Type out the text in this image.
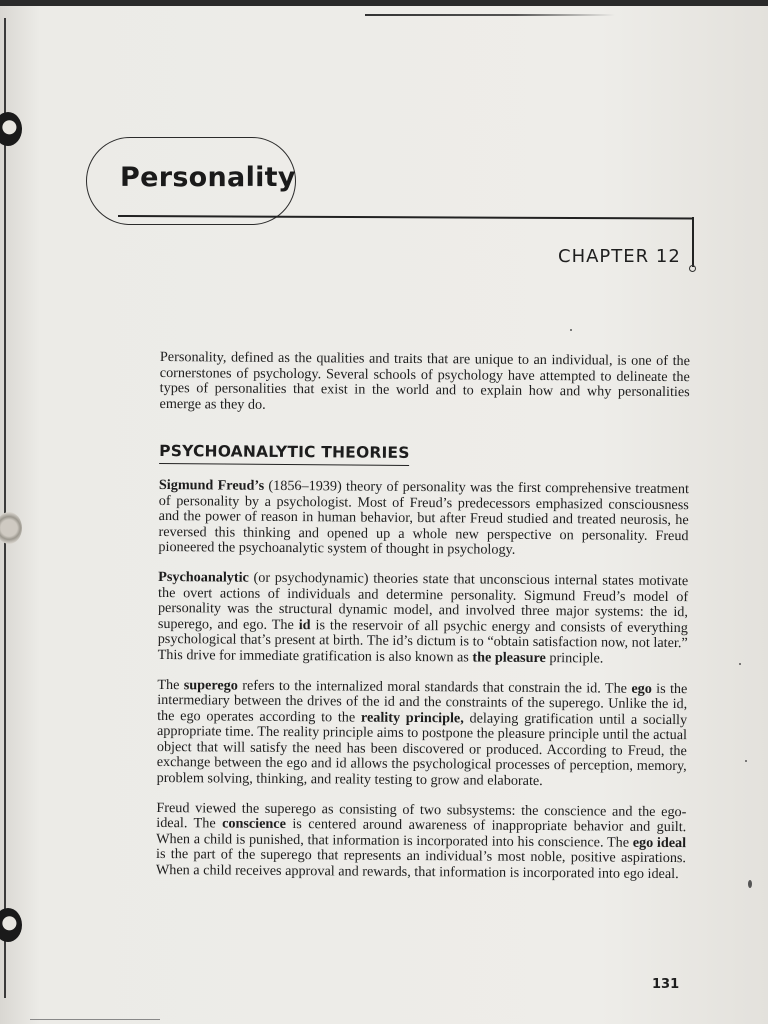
Personality
CHAPTER 12

Personality, defined as the qualities and traits that are unique to an individual, is one of the cornerstones of psychology. Several schools of psychology have attempted to delineate the types of personalities that exist in the world and to explain how and why personalities emerge as they do.

PSYCHOANALYTIC THEORIES

Sigmund Freud’s (1856–1939) theory of personality was the first comprehensive treatment of personality by a psychologist. Most of Freud’s predecessors emphasized consciousness and the power of reason in human behavior, but after Freud studied and treated neurosis, he reversed this thinking and opened up a whole new perspective on personality. Freud pioneered the psychoanalytic system of thought in psychology.

Psychoanalytic (or psychodynamic) theories state that unconscious internal states motivate the overt actions of individuals and determine personality. Sigmund Freud’s model of personality was the structural dynamic model, and involved three major systems: the id, superego, and ego. The id is the reservoir of all psychic energy and consists of everything psychological that’s present at birth. The id’s dictum is to “obtain satisfaction now, not later.” This drive for immediate gratification is also known as the pleasure principle.

The superego refers to the internalized moral standards that constrain the id. The ego is the intermediary between the drives of the id and the constraints of the superego. Unlike the id, the ego operates according to the reality principle, delaying gratification until a socially appropriate time. The reality principle aims to postpone the pleasure principle until the actual object that will satisfy the need has been discovered or produced. According to Freud, the exchange between the ego and id allows the psychological processes of perception, memory, problem solving, thinking, and reality testing to grow and elaborate.

Freud viewed the superego as consisting of two subsystems: the conscience and the ego-ideal. The conscience is centered around awareness of inappropriate behavior and guilt. When a child is punished, that information is incorporated into his conscience. The ego ideal is the part of the superego that represents an individual’s most noble, positive aspirations. When a child receives approval and rewards, that information is incorporated into ego ideal.

131
